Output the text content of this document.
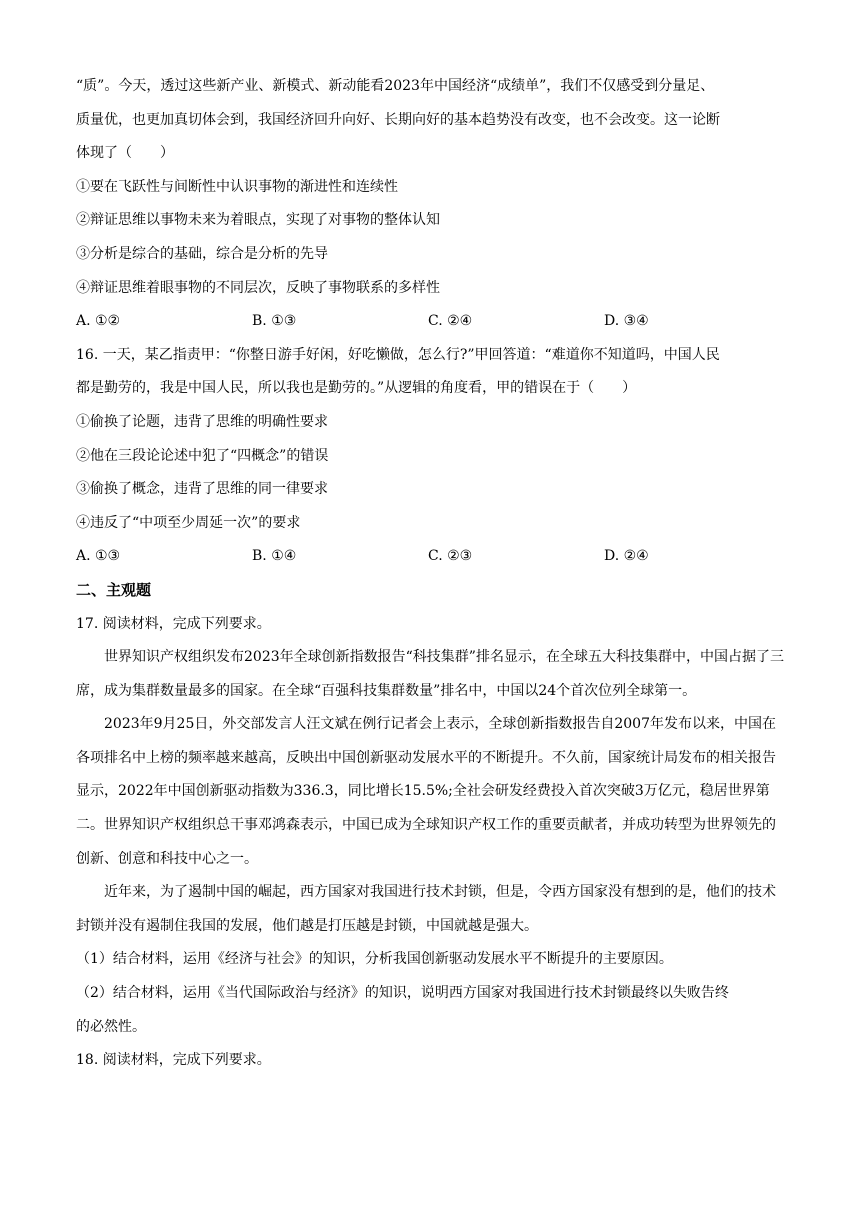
“质”。今天，透过这些新产业、新模式、新动能看2023年中国经济“成绩单”，我们不仅感受到分量足、
质量优，也更加真切体会到，我国经济回升向好、长期向好的基本趋势没有改变，也不会改变。这一论断
体现了（　　）
①要在飞跃性与间断性中认识事物的渐进性和连续性
②辩证思维以事物未来为着眼点，实现了对事物的整体认知
③分析是综合的基础，综合是分析的先导
④辩证思维着眼事物的不同层次，反映了事物联系的多样性
A. ①②	B. ①③	C. ②④	D. ③④
16. 一天，某乙指责甲：“你整日游手好闲，好吃懒做，怎么行?”甲回答道：“难道你不知道吗，中国人民
都是勤劳的，我是中国人民，所以我也是勤劳的。”从逻辑的角度看，甲的错误在于（　　）
①偷换了论题，违背了思维的明确性要求
②他在三段论论述中犯了“四概念”的错误
③偷换了概念，违背了思维的同一律要求
④违反了“中项至少周延一次”的要求
A. ①③	B. ①④	C. ②③	D. ②④
二、主观题
17. 阅读材料，完成下列要求。

世界知识产权组织发布2023年全球创新指数报告“科技集群”排名显示，在全球五大科技集群中，中国占据了三席，成为集群数量最多的国家。在全球“百强科技集群数量”排名中，中国以24个首次位列全球第一。

2023年9月25日，外交部发言人汪文斌在例行记者会上表示，全球创新指数报告自2007年发布以来，中国在各项排名中上榜的频率越来越高，反映出中国创新驱动发展水平的不断提升。不久前，国家统计局发布的相关报告显示，2022年中国创新驱动指数为336.3，同比增长15.5%;全社会研发经费投入首次突破3万亿元，稳居世界第二。世界知识产权组织总干事邓鸿森表示，中国已成为全球知识产权工作的重要贡献者，并成功转型为世界领先的创新、创意和科技中心之一。

近年来，为了遏制中国的崛起，西方国家对我国进行技术封锁，但是，令西方国家没有想到的是，他们的技术封锁并没有遏制住我国的发展，他们越是打压越是封锁，中国就越是强大。

（1）结合材料，运用《经济与社会》的知识，分析我国创新驱动发展水平不断提升的主要原因。
（2）结合材料，运用《当代国际政治与经济》的知识，说明西方国家对我国进行技术封锁最终以失败告终
的必然性。
18. 阅读材料，完成下列要求。
